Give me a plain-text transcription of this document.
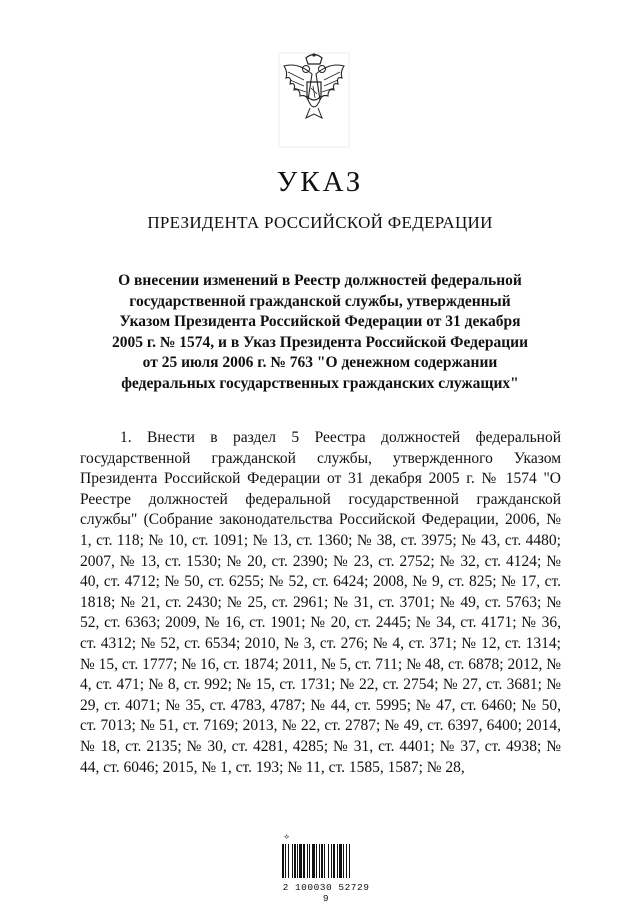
УКАЗ
ПРЕЗИДЕНТА РОССИЙСКОЙ ФЕДЕРАЦИИ
О внесении изменений в Реестр должностей федеральной государственной гражданской службы, утвержденный Указом Президента Российской Федерации от 31 декабря 2005 г. № 1574, и в Указ Президента Российской Федерации от 25 июля 2006 г. № 763 "О денежном содержании федеральных государственных гражданских служащих"
1. Внести в раздел 5 Реестра должностей федеральной государственной гражданской службы, утвержденного Указом Президента Российской Федерации от 31 декабря 2005 г. № 1574 "О Реестре должностей федеральной государственной гражданской службы" (Собрание законодательства Российской Федерации, 2006, № 1, ст. 118; № 10, ст. 1091; № 13, ст. 1360; № 38, ст. 3975; № 43, ст. 4480; 2007, № 13, ст. 1530; № 20, ст. 2390; № 23, ст. 2752; № 32, ст. 4124; № 40, ст. 4712; № 50, ст. 6255; № 52, ст. 6424; 2008, № 9, ст. 825; № 17, ст. 1818; № 21, ст. 2430; № 25, ст. 2961; № 31, ст. 3701; № 49, ст. 5763; № 52, ст. 6363; 2009, № 16, ст. 1901; № 20, ст. 2445; № 34, ст. 4171; № 36, ст. 4312; № 52, ст. 6534; 2010, № 3, ст. 276; № 4, ст. 371; № 12, ст. 1314; № 15, ст. 1777; № 16, ст. 1874; 2011, № 5, ст. 711; № 48, ст. 6878; 2012, № 4, ст. 471; № 8, ст. 992; № 15, ст. 1731; № 22, ст. 2754; № 27, ст. 3681; № 29, ст. 4071; № 35, ст. 4783, 4787; № 44, ст. 5995; № 47, ст. 6460; № 50, ст. 7013; № 51, ст. 7169; 2013, № 22, ст. 2787; № 49, ст. 6397, 6400; 2014, № 18, ст. 2135; № 30, ст. 4281, 4285; № 31, ст. 4401; № 37, ст. 4938; № 44, ст. 6046; 2015, № 1, ст. 193; № 11, ст. 1585, 1587; № 28,
⟡
2 100030 52729 9
